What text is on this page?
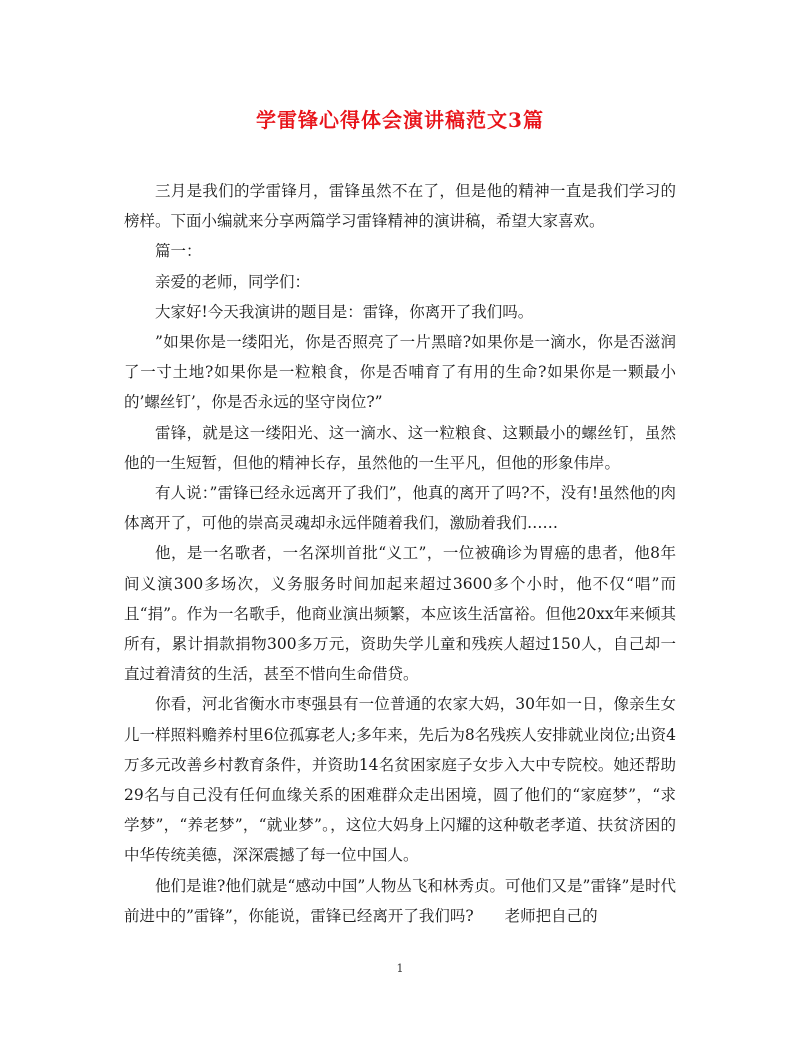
学雷锋心得体会演讲稿范文3篇

三月是我们的学雷锋月，雷锋虽然不在了，但是他的精神一直是我们学习的榜样。下面小编就来分享两篇学习雷锋精神的演讲稿，希望大家喜欢。

篇一：

亲爱的老师，同学们：

大家好!今天我演讲的题目是：雷锋，你离开了我们吗。

”如果你是一缕阳光，你是否照亮了一片黑暗?如果你是一滴水，你是否滋润了一寸土地?如果你是一粒粮食，你是否哺育了有用的生命?如果你是一颗最小的’螺丝钉’，你是否永远的坚守岗位?”

雷锋，就是这一缕阳光、这一滴水、这一粒粮食、这颗最小的螺丝钉，虽然他的一生短暂，但他的精神长存，虽然他的一生平凡，但他的形象伟岸。

有人说：”雷锋已经永远离开了我们”，他真的离开了吗?不，没有!虽然他的肉体离开了，可他的崇高灵魂却永远伴随着我们，激励着我们……

他，是一名歌者，一名深圳首批“义工”，一位被确诊为胃癌的患者，他8年间义演300多场次，义务服务时间加起来超过3600多个小时，他不仅“唱”而且“捐”。作为一名歌手，他商业演出频繁，本应该生活富裕。但他20xx年来倾其所有，累计捐款捐物300多万元，资助失学儿童和残疾人超过150人，自己却一直过着清贫的生活，甚至不惜向生命借贷。

你看，河北省衡水市枣强县有一位普通的农家大妈，30年如一日，像亲生女儿一样照料赡养村里6位孤寡老人;多年来，先后为8名残疾人安排就业岗位;出资4万多元改善乡村教育条件，并资助14名贫困家庭子女步入大中专院校。她还帮助29名与自己没有任何血缘关系的困难群众走出困境，圆了他们的“家庭梦”，“求学梦”，“养老梦”，“就业梦”。，这位大妈身上闪耀的这种敬老孝道、扶贫济困的中华传统美德，深深震撼了每一位中国人。

他们是谁?他们就是“感动中国”人物丛飞和林秀贞。可他们又是”雷锋”是时代前进中的”雷锋”，你能说，雷锋已经离开了我们吗?　　老师把自己的

1
